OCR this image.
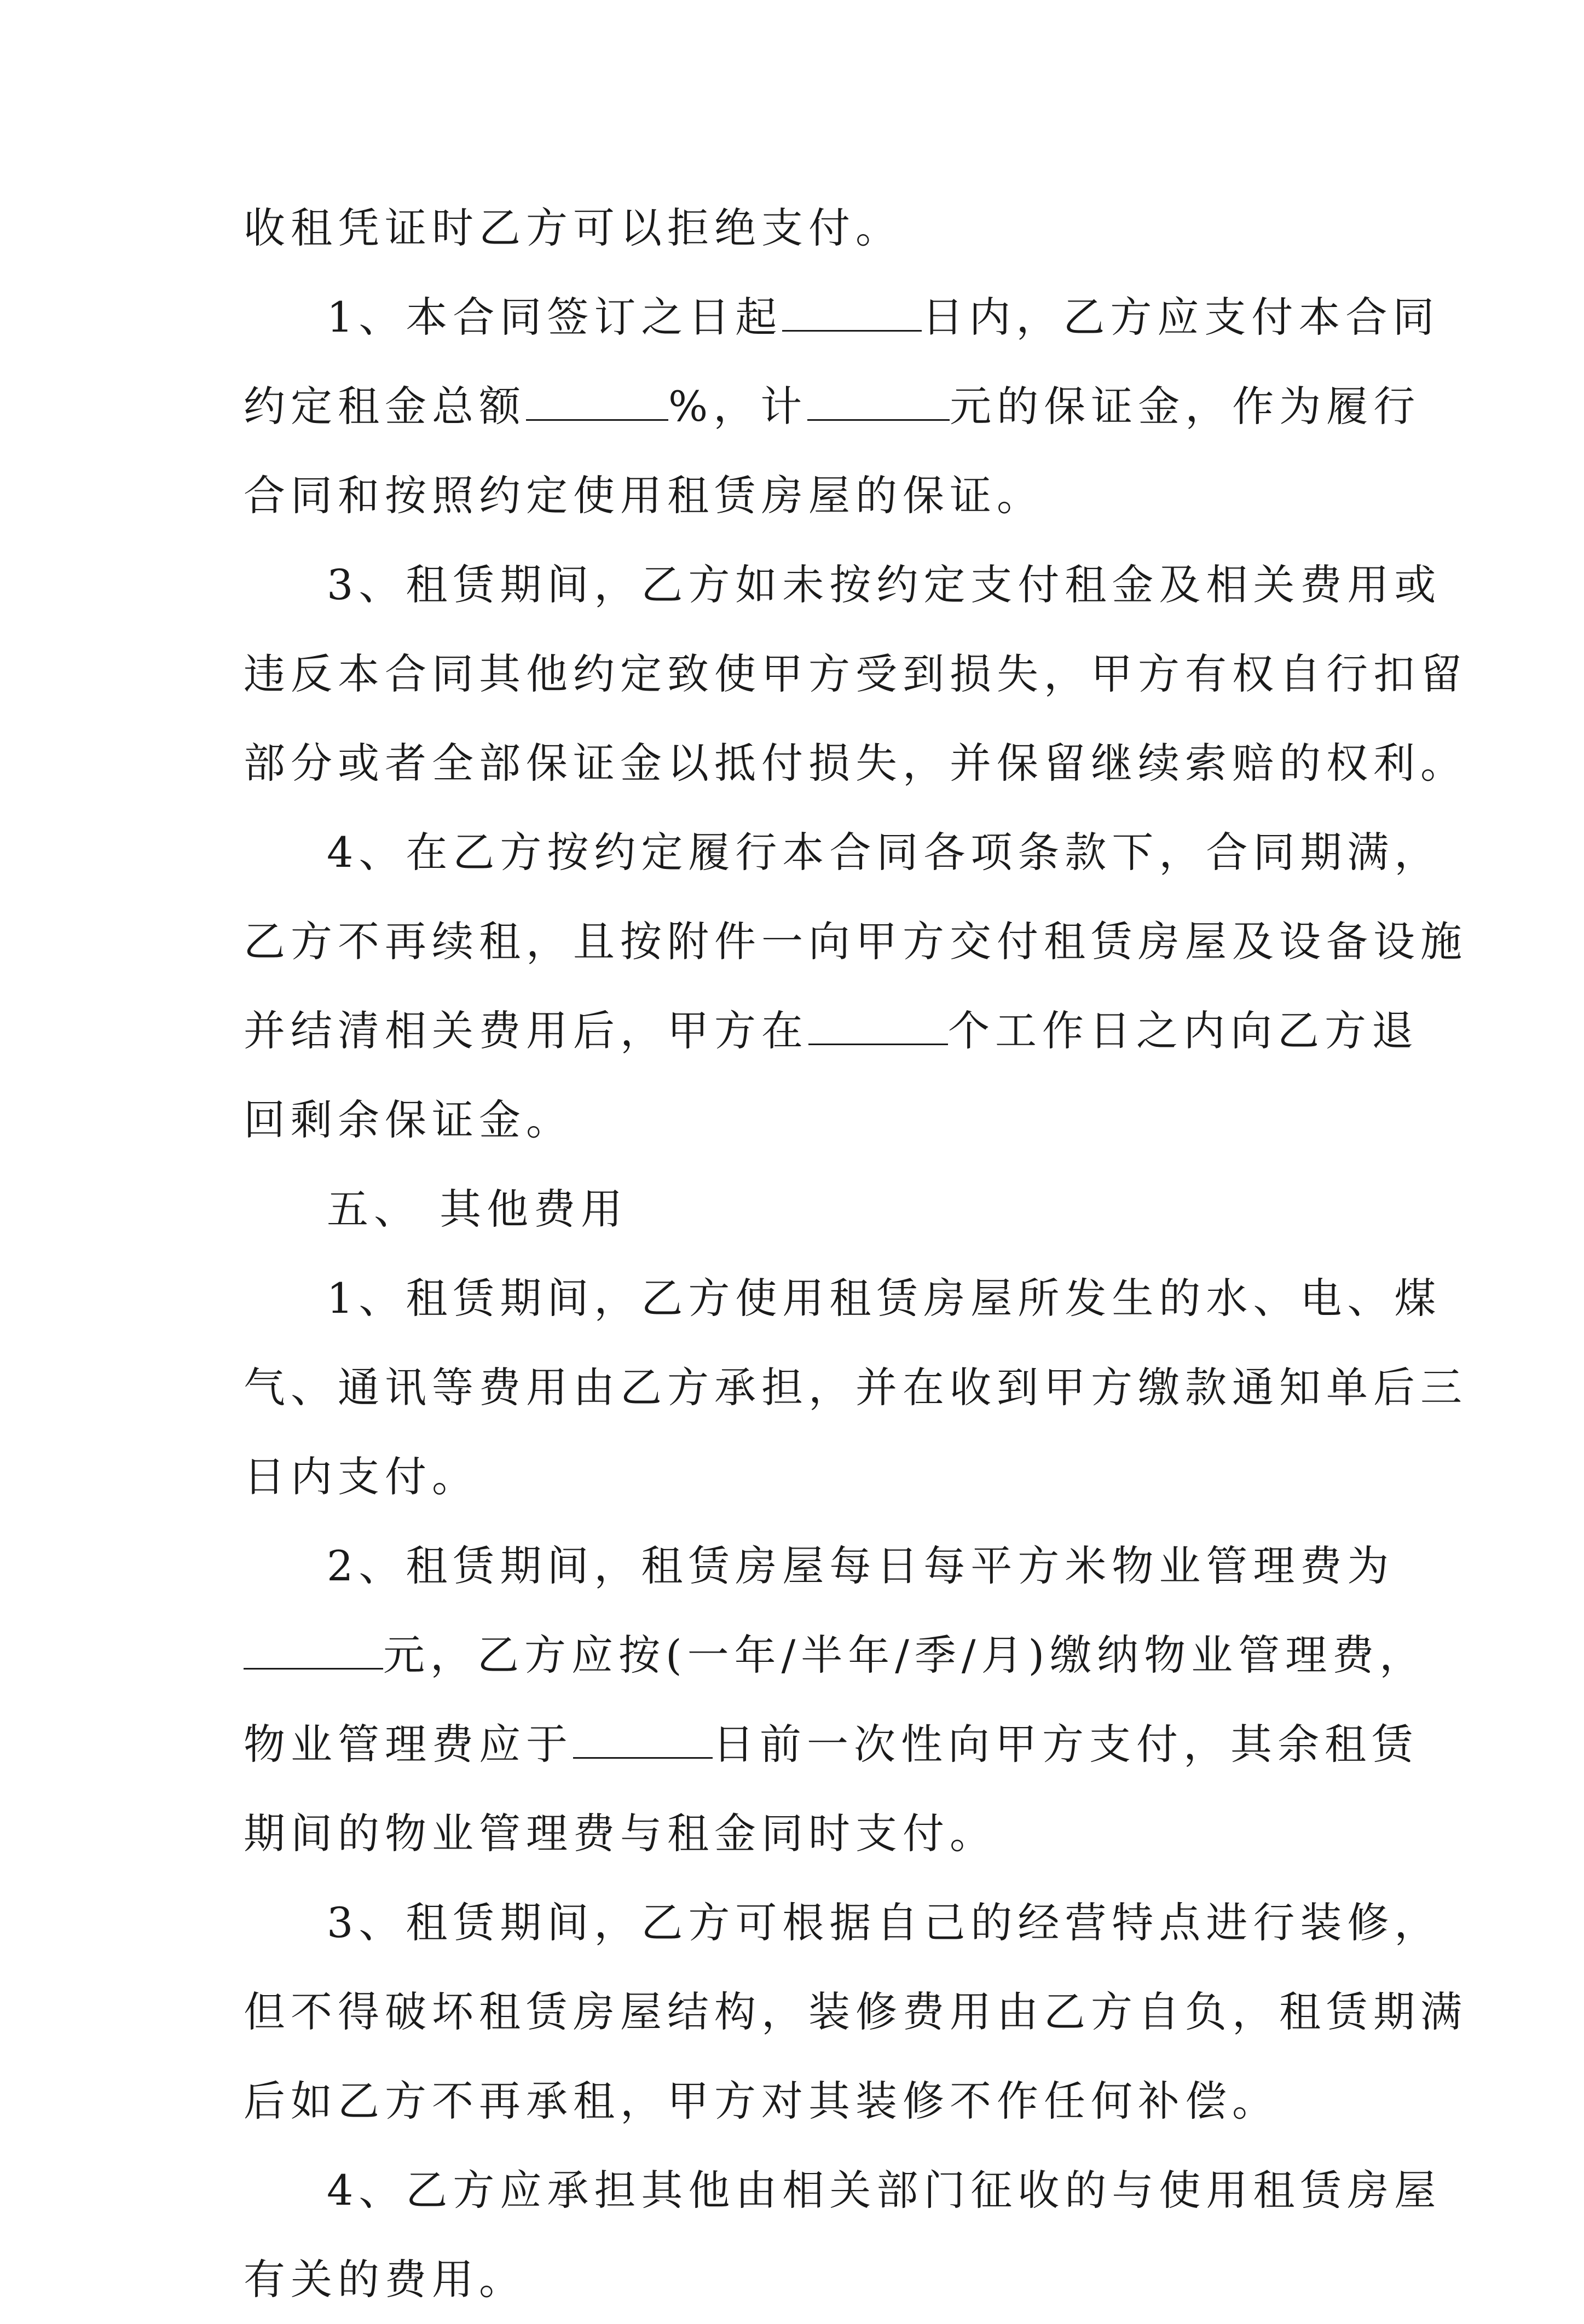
收租凭证时乙方可以拒绝支付。

1、本合同签订之日起	日内，乙方应支付本合同
约定租金总额	%，计	元的保证金，作为履行
合同和按照约定使用租赁房屋的保证。

3、租赁期间，乙方如未按约定支付租金及相关费用或
违反本合同其他约定致使甲方受到损失，甲方有权自行扣留
部分或者全部保证金以抵付损失，并保留继续索赔的权利。

4、在乙方按约定履行本合同各项条款下，合同期满，
乙方不再续租，且按附件一向甲方交付租赁房屋及设备设施
并结清相关费用后，甲方在	个工作日之内向乙方退
回剩余保证金。

五、 其他费用

1、租赁期间，乙方使用租赁房屋所发生的水、电、煤
气、通讯等费用由乙方承担，并在收到甲方缴款通知单后三
日内支付。

2、租赁期间，租赁房屋每日每平方米物业管理费为
元，乙方应按(一年/半年/季/月)缴纳物业管理费，
物业管理费应于	日前一次性向甲方支付，其余租赁
期间的物业管理费与租金同时支付。

3、租赁期间，乙方可根据自己的经营特点进行装修，
但不得破坏租赁房屋结构，装修费用由乙方自负，租赁期满
后如乙方不再承租，甲方对其装修不作任何补偿。

4、乙方应承担其他由相关部门征收的与使用租赁房屋
有关的费用。
